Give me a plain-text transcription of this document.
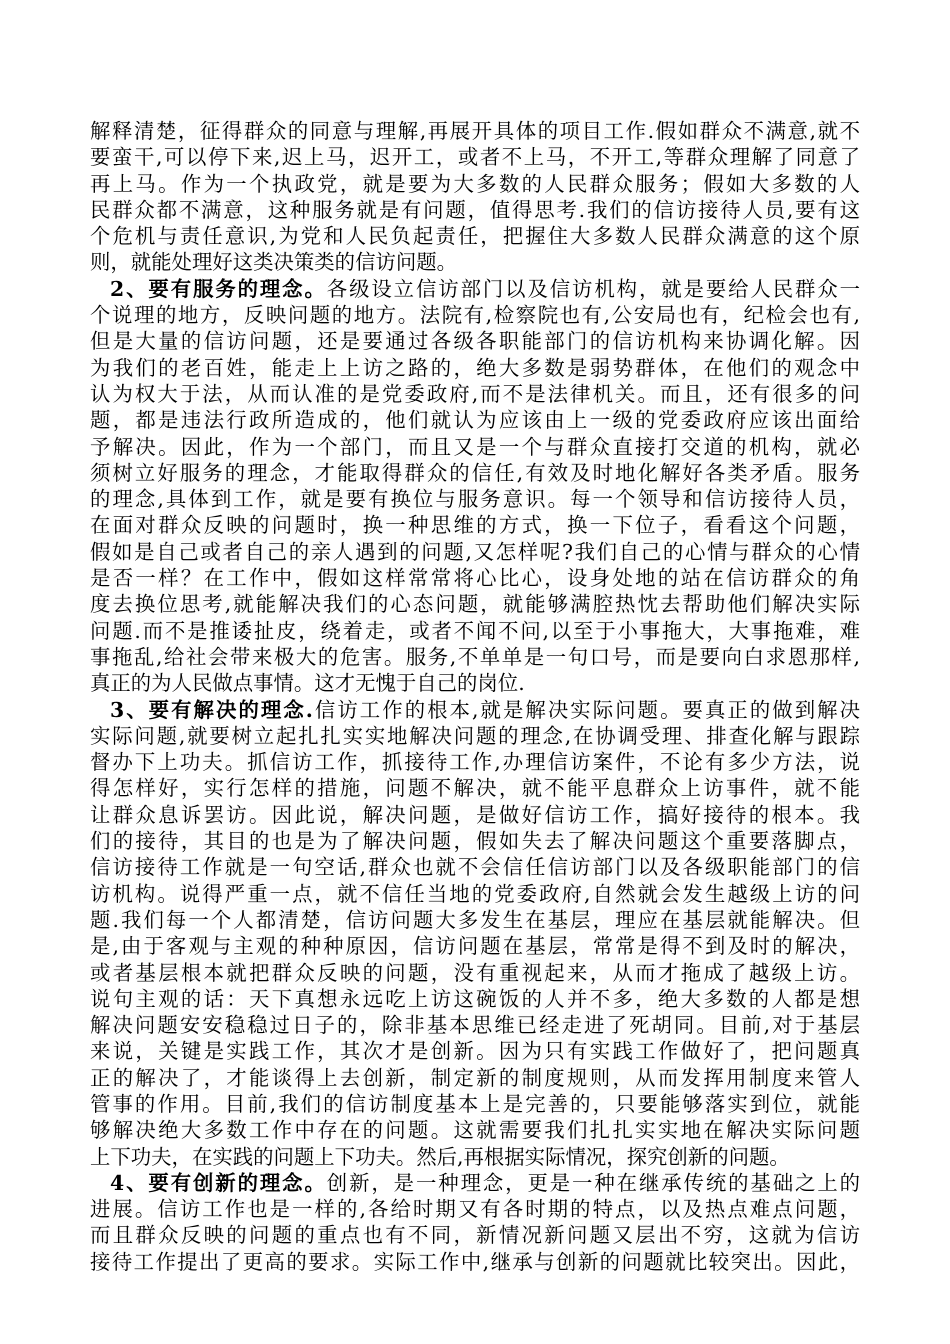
解释清楚，征得群众的同意与理解,再展开具体的项目工作.假如群众不满意,就不
要蛮干,可以停下来,迟上马，迟开工，或者不上马，不开工,等群众理解了同意了
再上马。作为一个执政党，就是要为大多数的人民群众服务；假如大多数的人
民群众都不满意，这种服务就是有问题，值得思考.我们的信访接待人员,要有这
个危机与责任意识,为党和人民负起责任，把握住大多数人民群众满意的这个原
则，就能处理好这类决策类的信访问题。
2、要有服务的理念。各级设立信访部门以及信访机构，就是要给人民群众一
个说理的地方，反映问题的地方。法院有,检察院也有,公安局也有，纪检会也有,
但是大量的信访问题，还是要通过各级各职能部门的信访机构来协调化解。因
为我们的老百姓，能走上上访之路的，绝大多数是弱势群体，在他们的观念中
认为权大于法，从而认准的是党委政府,而不是法律机关。而且，还有很多的问
题，都是违法行政所造成的，他们就认为应该由上一级的党委政府应该出面给
予解决。因此，作为一个部门，而且又是一个与群众直接打交道的机构，就必
须树立好服务的理念，才能取得群众的信任,有效及时地化解好各类矛盾。服务
的理念,具体到工作，就是要有换位与服务意识。每一个领导和信访接待人员，
在面对群众反映的问题时，换一种思维的方式，换一下位子，看看这个问题，
假如是自己或者自己的亲人遇到的问题,又怎样呢?我们自己的心情与群众的心情
是否一样？在工作中，假如这样常常将心比心，设身处地的站在信访群众的角
度去换位思考,就能解决我们的心态问题，就能够满腔热忱去帮助他们解决实际
问题.而不是推诿扯皮，绕着走，或者不闻不问,以至于小事拖大，大事拖难，难
事拖乱,给社会带来极大的危害。服务,不单单是一句口号，而是要向白求恩那样,
真正的为人民做点事情。这才无愧于自己的岗位.
3、要有解决的理念.信访工作的根本,就是解决实际问题。要真正的做到解决
实际问题,就要树立起扎扎实实地解决问题的理念,在协调受理、排查化解与跟踪
督办下上功夫。抓信访工作，抓接待工作,办理信访案件，不论有多少方法，说
得怎样好，实行怎样的措施，问题不解决，就不能平息群众上访事件，就不能
让群众息诉罢访。因此说，解决问题，是做好信访工作，搞好接待的根本。我
们的接待，其目的也是为了解决问题，假如失去了解决问题这个重要落脚点，
信访接待工作就是一句空话,群众也就不会信任信访部门以及各级职能部门的信
访机构。说得严重一点，就不信任当地的党委政府,自然就会发生越级上访的问
题.我们每一个人都清楚，信访问题大多发生在基层，理应在基层就能解决。但
是,由于客观与主观的种种原因，信访问题在基层，常常是得不到及时的解决，
或者基层根本就把群众反映的问题，没有重视起来，从而才拖成了越级上访。
说句主观的话：天下真想永远吃上访这碗饭的人并不多，绝大多数的人都是想
解决问题安安稳稳过日子的，除非基本思维已经走进了死胡同。目前,对于基层
来说，关键是实践工作，其次才是创新。因为只有实践工作做好了，把问题真
正的解决了，才能谈得上去创新，制定新的制度规则，从而发挥用制度来管人
管事的作用。目前,我们的信访制度基本上是完善的，只要能够落实到位，就能
够解决绝大多数工作中存在的问题。这就需要我们扎扎实实地在解决实际问题
上下功夫，在实践的问题上下功夫。然后,再根据实际情况，探究创新的问题。
4、要有创新的理念。创新，是一种理念，更是一种在继承传统的基础之上的
进展。信访工作也是一样的,各给时期又有各时期的特点，以及热点难点问题，
而且群众反映的问题的重点也有不同，新情况新问题又层出不穷，这就为信访
接待工作提出了更高的要求。实际工作中,继承与创新的问题就比较突出。因此，
